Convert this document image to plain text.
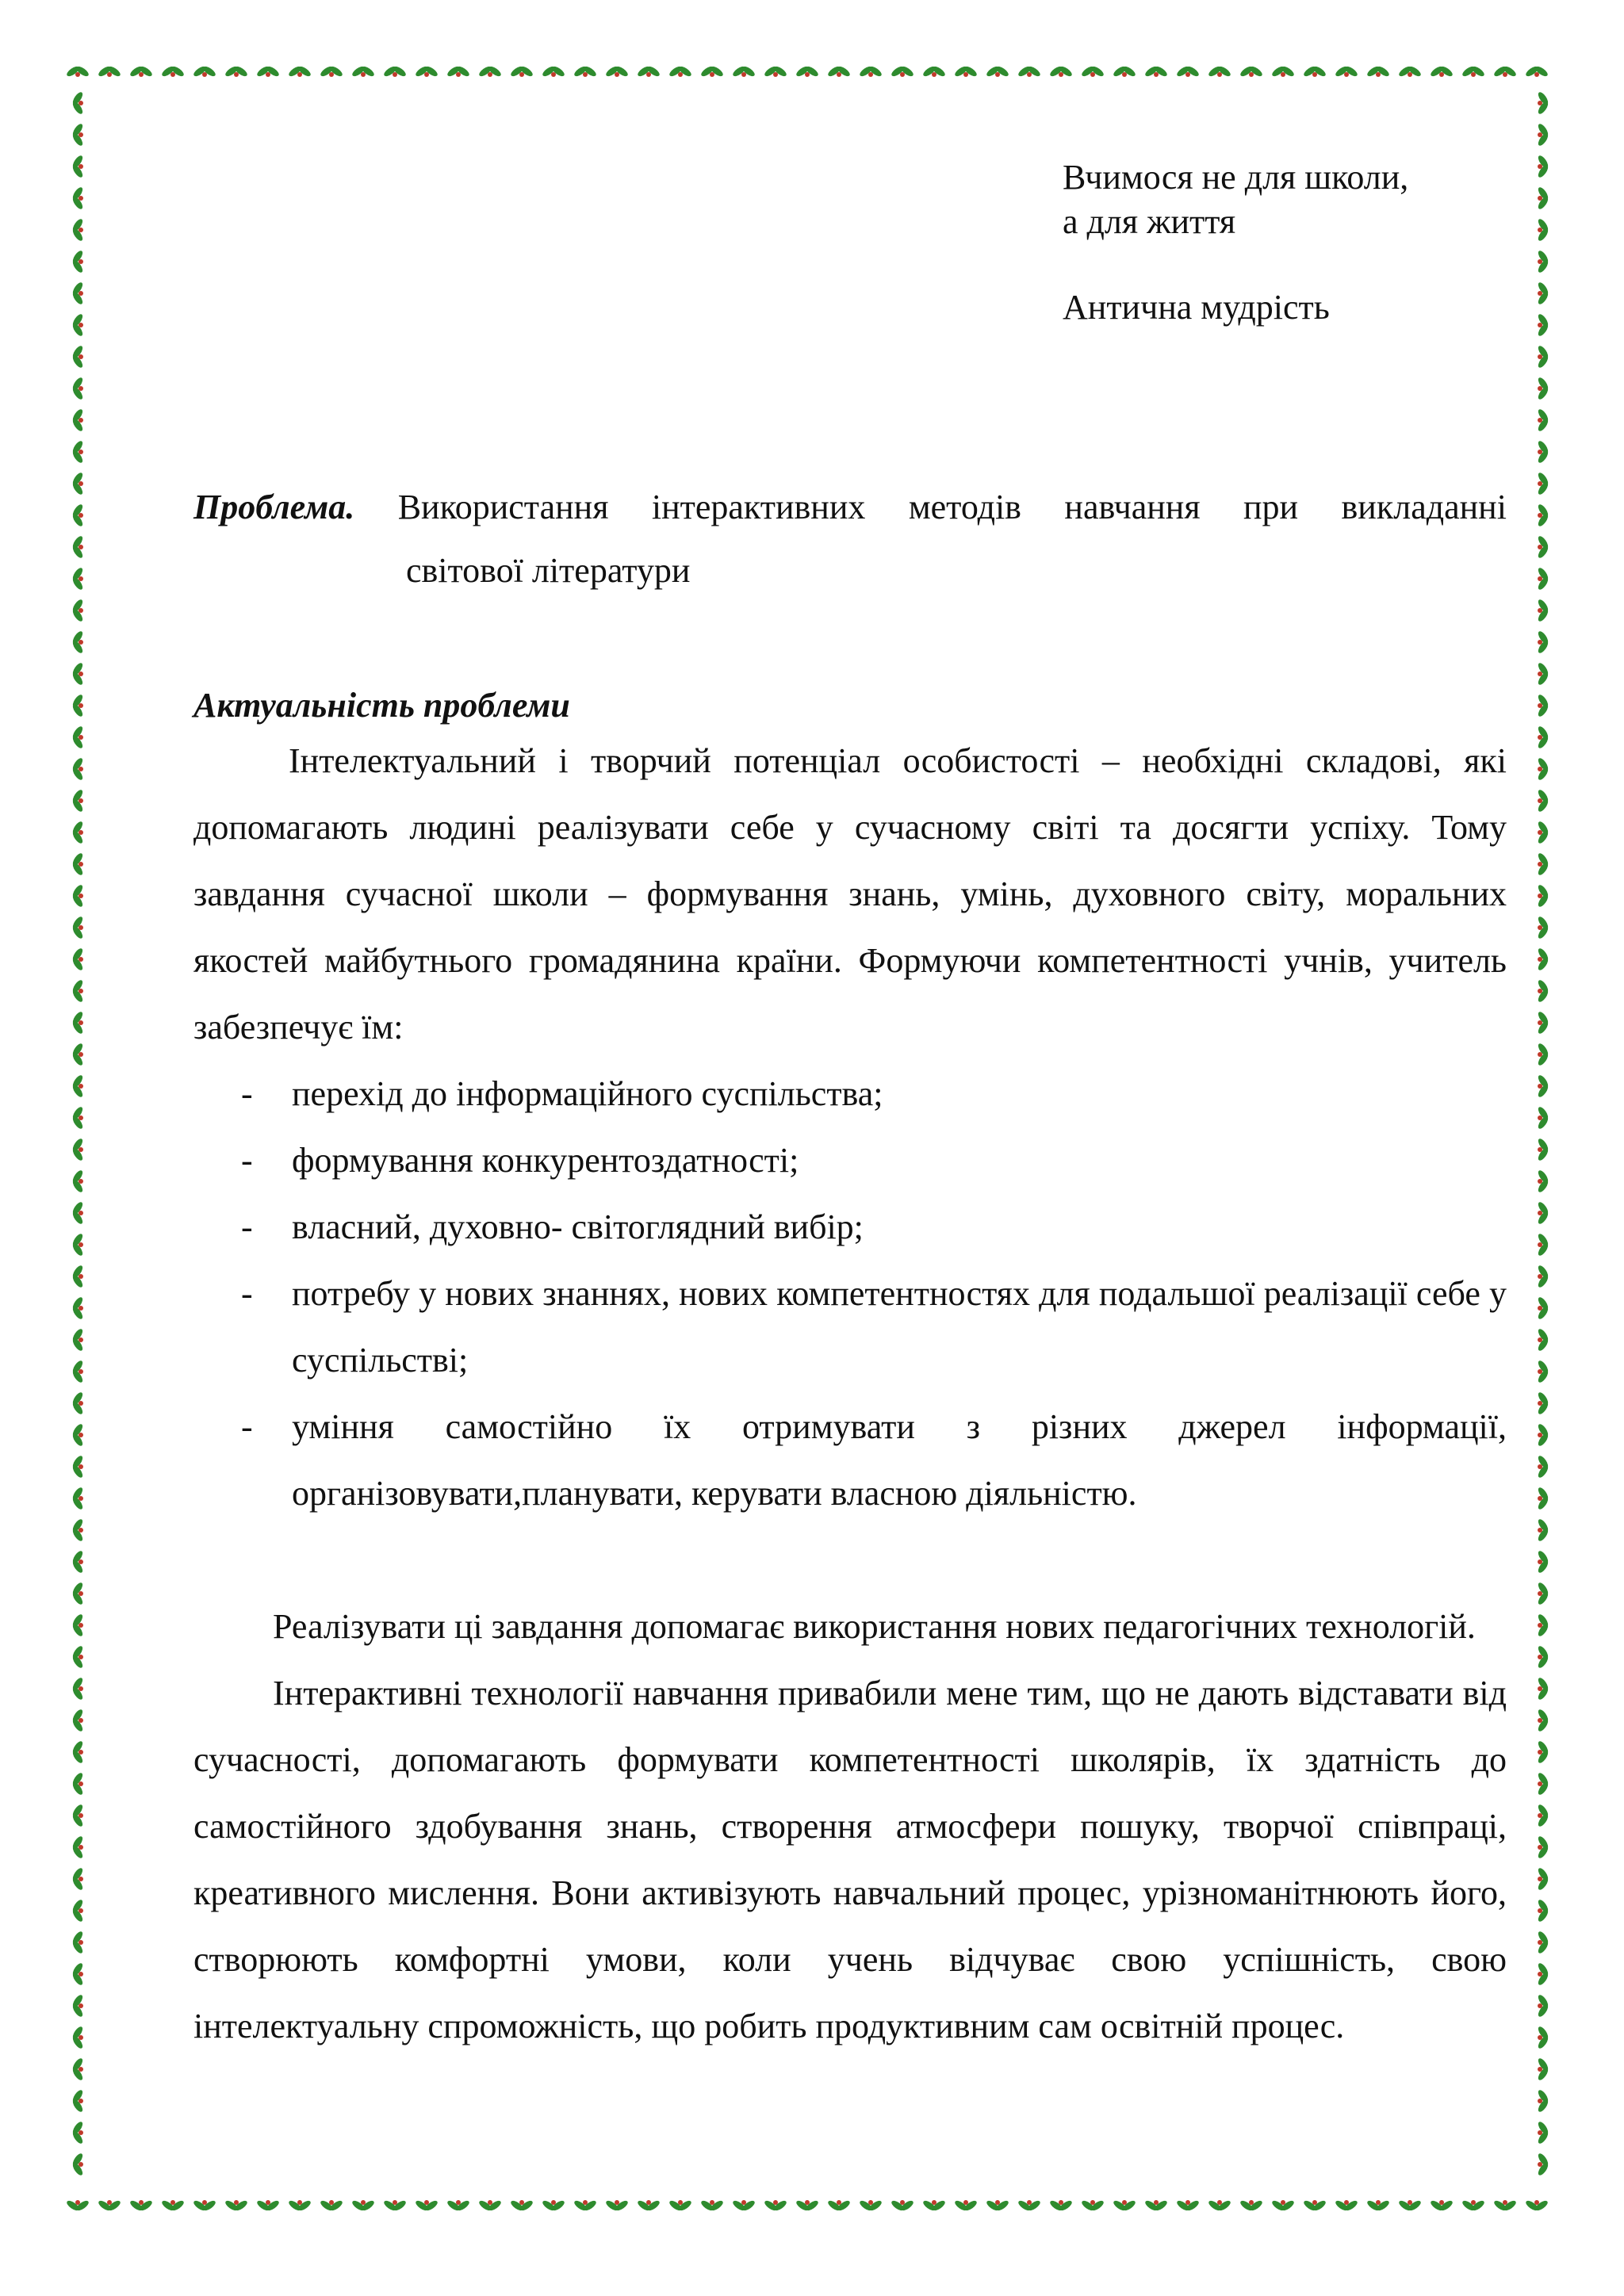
Вчимося не для школи,
а для життя
Антична мудрість
Проблема. Використання інтерактивних методів навчання при викладанні
світової літератури
Актуальність проблеми

Інтелектуальний і творчий потенціал особистості – необхідні складові, які допомагають людині реалізувати себе у сучасному світі та досягти успіху. Тому завдання сучасної школи – формування знань, умінь, духовного світу, моральних якостей майбутнього громадянина країни. Формуючи компетентності учнів, учитель забезпечує їм:

- перехід до інформаційного суспільства;
- формування конкурентоздатності;
- власний, духовно- світоглядний вибір;
- потребу у нових знаннях, нових компетентностях для подальшої реалізації себе у суспільстві;
- уміння самостійно їх отримувати з різних джерел інформації, організовувати,планувати, керувати власною діяльністю.

Реалізувати ці завдання допомагає використання нових педагогічних технологій.

Інтерактивні технології навчання привабили мене тим, що не дають відставати від сучасності, допомагають формувати компетентності школярів, їх здатність до самостійного здобування знань, створення атмосфери пошуку, творчої співпраці, креативного мислення. Вони активізують навчальний процес, урізноманітнюють його, створюють комфортні умови, коли учень відчуває свою успішність, свою інтелектуальну спроможність, що робить продуктивним сам освітній процес.
